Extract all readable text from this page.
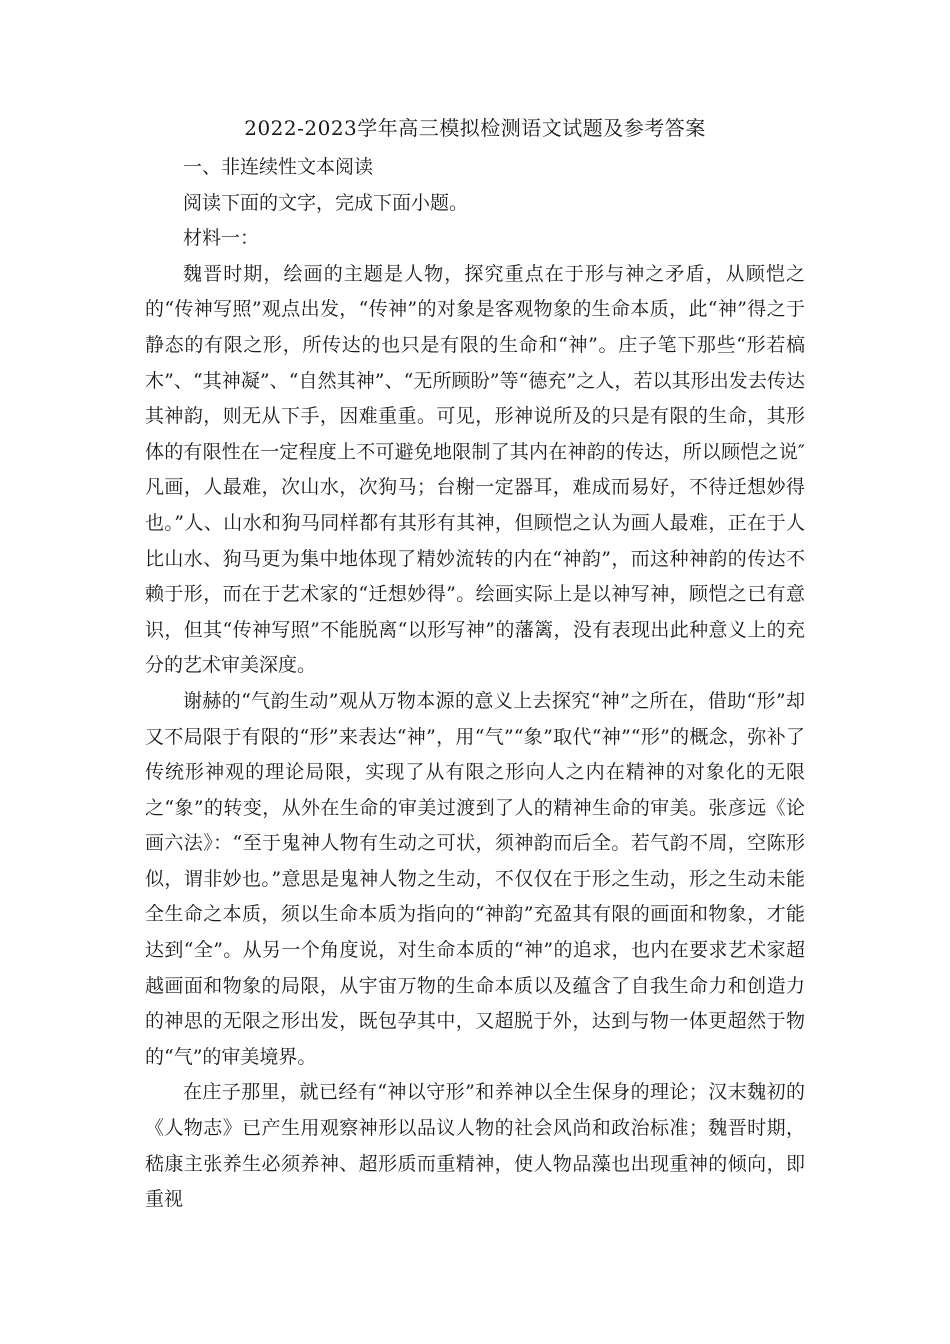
2022-2023学年高三模拟检测语文试题及参考答案

一、非连续性文本阅读

阅读下面的文字，完成下面小题。

材料一：

魏晋时期，绘画的主题是人物，探究重点在于形与神之矛盾，从顾恺之的“传神写照”观点出发，“传神”的对象是客观物象的生命本质，此“神”得之于静态的有限之形，所传达的也只是有限的生命和“神”。庄子笔下那些“形若槁木”、“其神凝”、“自然其神”、“无所顾盼”等“德充”之人，若以其形出发去传达其神韵，则无从下手，因难重重。可见，形神说所及的只是有限的生命，其形体的有限性在一定程度上不可避免地限制了其内在神韵的传达，所以顾恺之说″凡画，人最难，次山水，次狗马；台榭一定器耳，难成而易好，不待迁想妙得也。”人、山水和狗马同样都有其形有其神，但顾恺之认为画人最难，正在于人比山水、狗马更为集中地体现了精妙流转的内在“神韵”，而这种神韵的传达不赖于形，而在于艺术家的“迁想妙得”。绘画实际上是以神写神，顾恺之已有意识，但其“传神写照”不能脱离“以形写神”的藩篱，没有表现出此种意义上的充分的艺术审美深度。

谢赫的“气韵生动”观从万物本源的意义上去探究“神”之所在，借助“形”却又不局限于有限的“形”来表达“神”，用“气”“象”取代“神”“形”的概念，弥补了传统形神观的理论局限，实现了从有限之形向人之内在精神的对象化的无限之“象”的转变，从外在生命的审美过渡到了人的精神生命的审美。张彦远《论画六法》：“至于鬼神人物有生动之可状，须神韵而后全。若气韵不周，空陈形似，谓非妙也。”意思是鬼神人物之生动，不仅仅在于形之生动，形之生动未能全生命之本质，须以生命本质为指向的“神韵”充盈其有限的画面和物象，才能达到“全”。从另一个角度说，对生命本质的“神”的追求，也内在要求艺术家超越画面和物象的局限，从宇宙万物的生命本质以及蕴含了自我生命力和创造力的神思的无限之形出发，既包孕其中，又超脱于外，达到与物一体更超然于物的“气”的审美境界。

在庄子那里，就已经有“神以守形”和养神以全生保身的理论；汉末魏初的《人物志》已产生用观察神形以品议人物的社会风尚和政治标准；魏晋时期，嵇康主张养生必须养神、超形质而重精神，使人物品藻也出现重神的倾向，即重视
